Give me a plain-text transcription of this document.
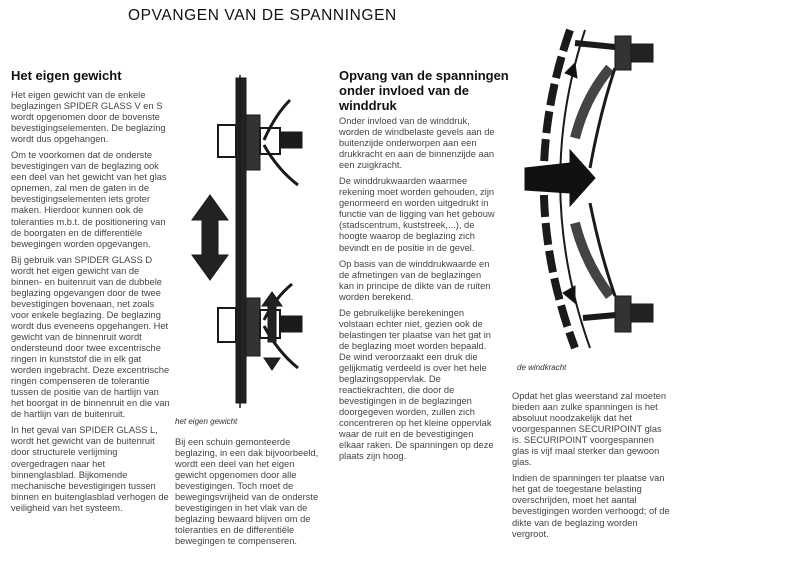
OPVANGEN VAN DE SPANNINGEN
Het eigen gewicht

Het eigen gewicht van de enkele beglazingen SPIDER GLASS V en S wordt opgenomen door de bovenste bevestigingselementen. De beglazing wordt dus opgehangen.

Om te voorkomen dat de onderste bevestigingen van de beglazing ook een deel van het gewicht van het glas opnemen, zal men de gaten in de bevestigingselementen iets groter maken. Hierdoor kunnen ook de toleranties m.b.t. de positionering van de boorgaten en de differentiële bewegingen worden opgevangen.

Bij gebruik van SPIDER GLASS D wordt het eigen gewicht van de binnen- en buitenruit van de dubbele beglazing opgevangen door de twee bevestigingen bovenaan, net zoals voor enkele beglazing. De beglazing wordt dus eveneens opgehangen. Het gewicht van de binnenruit wordt ondersteund door twee excentrische ringen in kunststof die in elk gat worden ingebracht. Deze excentrische ringen compenseren de tolerantie tussen de positie van de hartlijn van het boorgat in de binnenruit en die van de hartlijn van de buitenruit.

In het geval van SPIDER GLASS L, wordt het gewicht van de buitenruit door structurele verlijming overgedragen naar het binnenglasblad. Bijkomende mechanische bevestigingen tussen binnen en buitenglasblad verhogen de veiligheid van het systeem.

het eigen gewicht

Bij een schuin gemonteerde beglazing, in een dak bijvoorbeeld, wordt een deel van het eigen gewicht opgenomen door alle bevestigingen. Toch moet de bewegingsvrijheid van de onderste bevestigingen in het vlak van de beglazing bewaard blijven om de toleranties en de differentiële bewegingen te compenseren.

Opvang van de spanningen onder invloed van de winddruk

Onder invloed van de winddruk, worden de windbelaste gevels aan de buitenzijde onderworpen aan een drukkracht en aan de binnenzijde aan een zuigkracht.

De winddrukwaarden waarmee rekening moet worden gehouden, zijn genormeerd en worden uitgedrukt in functie van de ligging van het gebouw (stadscentrum, kuststreek,...), de hoogte waarop de beglazing zich bevindt en de positie in de gevel.

Op basis van de winddrukwaarde en de afmetingen van de beglazingen kan in principe de dikte van de ruiten worden berekend.

De gebruikelijke berekeningen volstaan echter niet, gezien ook de belastingen ter plaatse van het gat in de beglazing moet worden bepaald. De wind veroorzaakt een druk die gelijkmatig verdeeld is over het hele beglazingsoppervlak. De reactiekrachten, die door de bevestigingen in de beglazingen doorgegeven worden, zullen zich concentreren op het kleine oppervlak waar de ruit en de bevestigingen elkaar raken. De spanningen op deze plaats zijn hoog.

de windkracht

Opdat het glas weerstand zal moeten bieden aan zulke spanningen is het absoluut noodzakelijk dat het voorgespannen SECURIPOINT glas is. SECURIPOINT voorgespannen glas is vijf maal sterker dan gewoon glas.

Indien de spanningen ter plaatse van het gat de toegestane belasting overschrijden, moet het aantal bevestigingen worden verhoogd; of de dikte van de beglazing worden vergroot.
